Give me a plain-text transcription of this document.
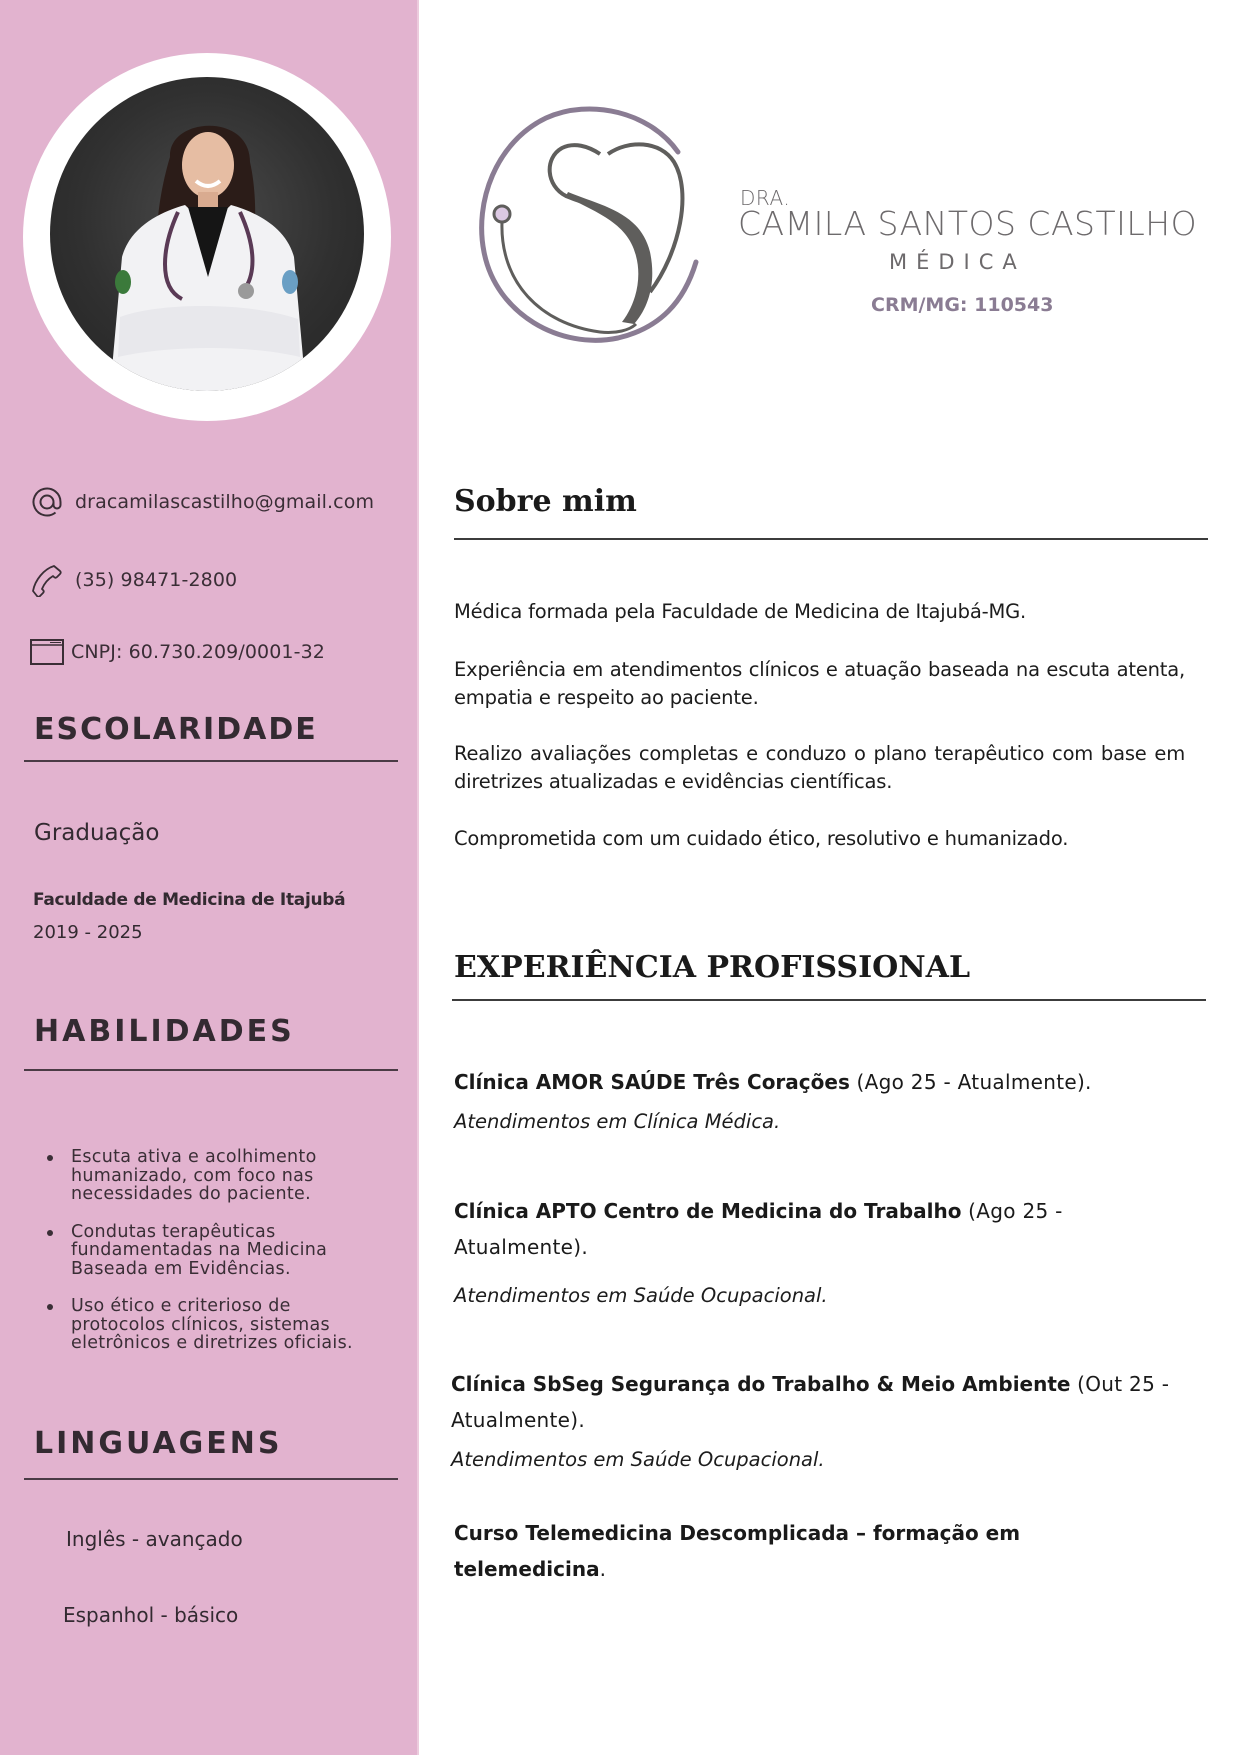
dracamilascastilho@gmail.com
(35) 98471-2800
CNPJ: 60.730.209/0001-32
ESCOLARIDADE
Graduação
Faculdade de Medicina de Itajubá
2019 - 2025
HABILIDADES
Escuta ativa e acolhimento humanizado, com foco nas necessidades do paciente.
Condutas terapêuticas fundamentadas na Medicina Baseada em Evidências.
Uso ético e criterioso de protocolos clínicos, sistemas eletrônicos e diretrizes oficiais.
LINGUAGENS
Inglês - avançado
Espanhol - básico
DRA.
CAMILA SANTOS CASTILHO
MÉDICA
CRM/MG: 110543
Sobre mim

Médica formada pela Faculdade de Medicina de Itajubá-MG.

Experiência em atendimentos clínicos e atuação baseada na escuta atenta, empatia e respeito ao paciente.

Realizo avaliações completas e conduzo o plano terapêutico com base em diretrizes atualizadas e evidências científicas.

Comprometida com um cuidado ético, resolutivo e humanizado.

EXPERIÊNCIA PROFISSIONAL
Clínica AMOR SAÚDE Três Corações (Ago 25 - Atualmente).
Atendimentos em Clínica Médica.
Clínica APTO Centro de Medicina do Trabalho (Ago 25 - Atualmente).
Atendimentos em Saúde Ocupacional.
Clínica SbSeg Segurança do Trabalho & Meio Ambiente (Out 25 - Atualmente).
Atendimentos em Saúde Ocupacional.
Curso Telemedicina Descomplicada – formação em telemedicina.
